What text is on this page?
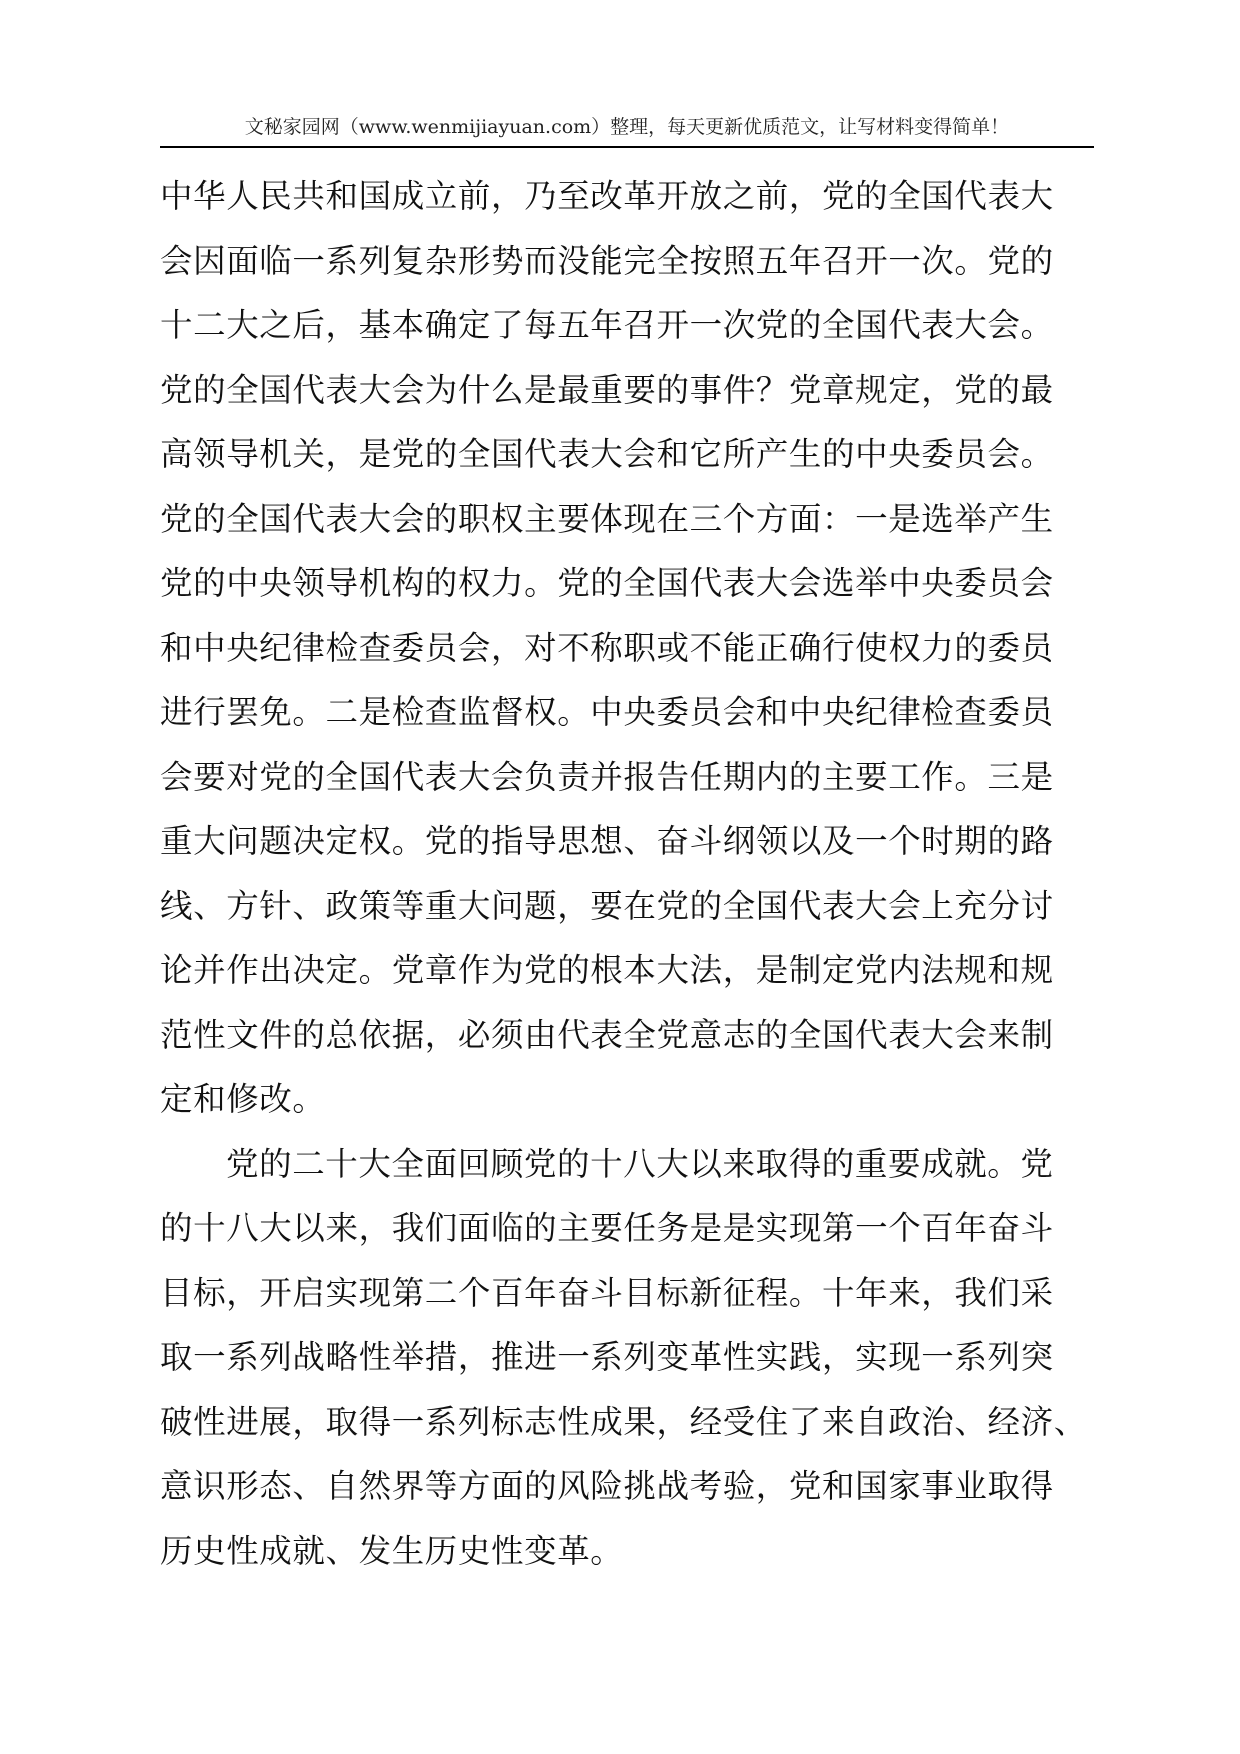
文秘家园网（www.wenmijiayuan.com）整理，每天更新优质范文，让写材料变得简单！
中华人民共和国成立前，乃至改革开放之前，党的全国代表大
会因面临一系列复杂形势而没能完全按照五年召开一次。党的
十二大之后，基本确定了每五年召开一次党的全国代表大会。
党的全国代表大会为什么是最重要的事件？党章规定，党的最
高领导机关，是党的全国代表大会和它所产生的中央委员会。
党的全国代表大会的职权主要体现在三个方面：一是选举产生
党的中央领导机构的权力。党的全国代表大会选举中央委员会
和中央纪律检查委员会，对不称职或不能正确行使权力的委员
进行罢免。二是检查监督权。中央委员会和中央纪律检查委员
会要对党的全国代表大会负责并报告任期内的主要工作。三是
重大问题决定权。党的指导思想、奋斗纲领以及一个时期的路
线、方针、政策等重大问题，要在党的全国代表大会上充分讨
论并作出决定。党章作为党的根本大法，是制定党内法规和规
范性文件的总依据，必须由代表全党意志的全国代表大会来制
定和修改。
党的二十大全面回顾党的十八大以来取得的重要成就。党
的十八大以来，我们面临的主要任务是是实现第一个百年奋斗
目标，开启实现第二个百年奋斗目标新征程。十年来，我们采
取一系列战略性举措，推进一系列变革性实践，实现一系列突
破性进展，取得一系列标志性成果，经受住了来自政治、经济、
意识形态、自然界等方面的风险挑战考验，党和国家事业取得
历史性成就、发生历史性变革。
